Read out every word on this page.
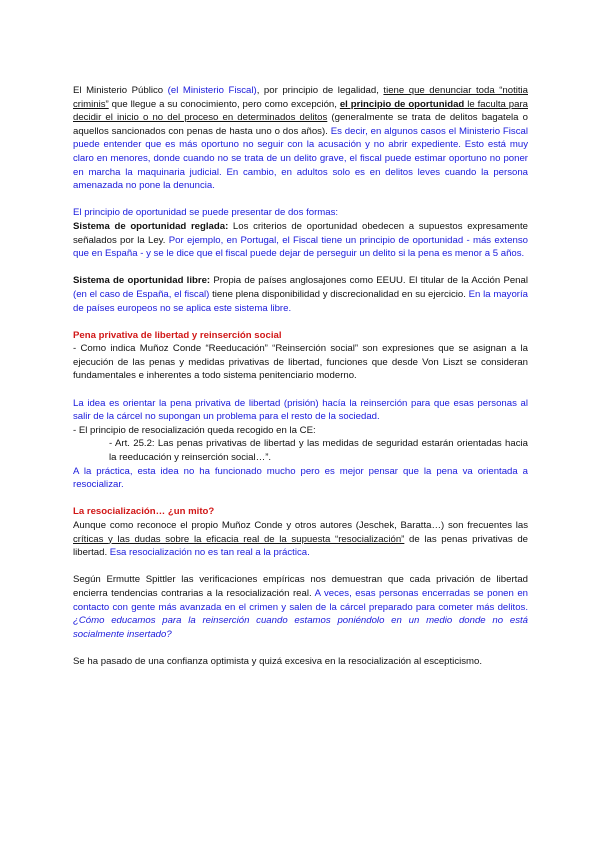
El Ministerio Público (el Ministerio Fiscal), por principio de legalidad, tiene que denunciar toda “notitia criminis” que llegue a su conocimiento, pero como excepción, el principio de oportunidad le faculta para decidir el inicio o no del proceso en determinados delitos (generalmente se trata de delitos bagatela o aquellos sancionados con penas de hasta uno o dos años). Es decir, en algunos casos el Ministerio Fiscal puede entender que es más oportuno no seguir con la acusación y no abrir expediente. Esto está muy claro en menores, donde cuando no se trata de un delito grave, el fiscal puede estimar oportuno no poner en marcha la maquinaria judicial. En cambio, en adultos solo es en delitos leves cuando la persona amenazada no pone la denuncia.

El principio de oportunidad se puede presentar de dos formas:

Sistema de oportunidad reglada: Los criterios de oportunidad obedecen a supuestos expresamente señalados por la Ley. Por ejemplo, en Portugal, el Fiscal tiene un principio de oportunidad - más extenso que en España - y se le dice que el fiscal puede dejar de perseguir un delito si la pena es menor a 5 años.

Sistema de oportunidad libre: Propia de países anglosajones como EEUU. El titular de la Acción Penal (en el caso de España, el fiscal) tiene plena disponibilidad y discrecionalidad en su ejercicio. En la mayoría de países europeos no se aplica este sistema libre.

Pena privativa de libertad y reinserción social

- Como indica Muñoz Conde “Reeducación” “Reinserción social” son expresiones que se asignan a la ejecución de las penas y medidas privativas de libertad, funciones que desde Von Liszt se consideran fundamentales e inherentes a todo sistema penitenciario moderno.

La idea es orientar la pena privativa de libertad (prisión) hacía la reinserción para que esas personas al salir de la cárcel no supongan un problema para el resto de la sociedad.

- El principio de resocialización queda recogido en la CE:

- Art. 25.2: Las penas privativas de libertad y las medidas de seguridad estarán orientadas hacia la reeducación y reinserción social…”.

A la práctica, esta idea no ha funcionado mucho pero es mejor pensar que la pena va orientada a resocializar.

La resocialización… ¿un mito?

Aunque como reconoce el propio Muñoz Conde y otros autores (Jeschek, Baratta…) son frecuentes las críticas y las dudas sobre la eficacia real de la supuesta “resocialización” de las penas privativas de libertad. Esa resocialización no es tan real a la práctica.

Según Ermutte Spittler las verificaciones empíricas nos demuestran que cada privación de libertad encierra tendencias contrarias a la resocialización real. A veces, esas personas encerradas se ponen en contacto con gente más avanzada en el crimen y salen de la cárcel preparado para cometer más delitos. ¿Cómo educamos para la reinserción cuando estamos poniéndolo en un medio donde no está socialmente insertado?

Se ha pasado de una confianza optimista y quizá excesiva en la resocialización al escepticismo.
